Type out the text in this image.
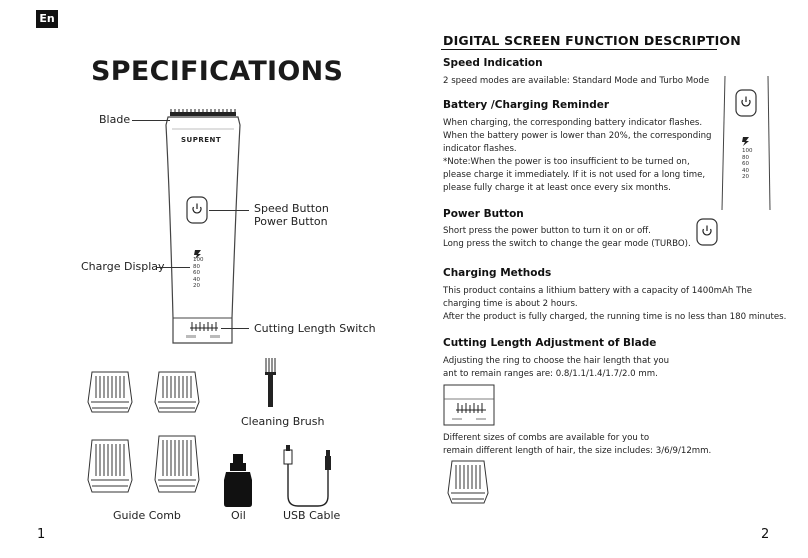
En
SPECIFICATIONS
SUPRENT
100
80
60
40
20
Blade
Speed Button
Power Button
Charge Display
Cutting Length Switch
Cleaning Brush
Oil
Guide Comb	USB Cable
1
DIGITAL SCREEN FUNCTION DESCRIPTION
100
80
60
40
20
Speed Indication
2 speed modes are available: Standard Mode and Turbo Mode
Battery /Charging Reminder
When charging, the corresponding battery indicator flashes.
When the battery power is lower than 20%, the corresponding
indicator flashes.
*Note:When the power is too insufficient to be turned on,
please charge it immediately. If it is not used for a long time,
please fully charge it at least once every six months.
Power Button
Short press the power button to turn it on or off.
Long press the switch to change the gear mode (TURBO).
Charging Methods
This product contains a lithium battery with a capacity of 1400mAh The
charging time is about 2 hours.
After the product is fully charged, the running time is no less than 180 minutes.
Cutting Length Adjustment of Blade
Adjusting the ring to choose the hair length that you
ant to remain ranges are: 0.8/1.1/1.4/1.7/2.0 mm.
Different sizes of combs are available for you to
remain different length of hair, the size includes: 3/6/9/12mm.
2
